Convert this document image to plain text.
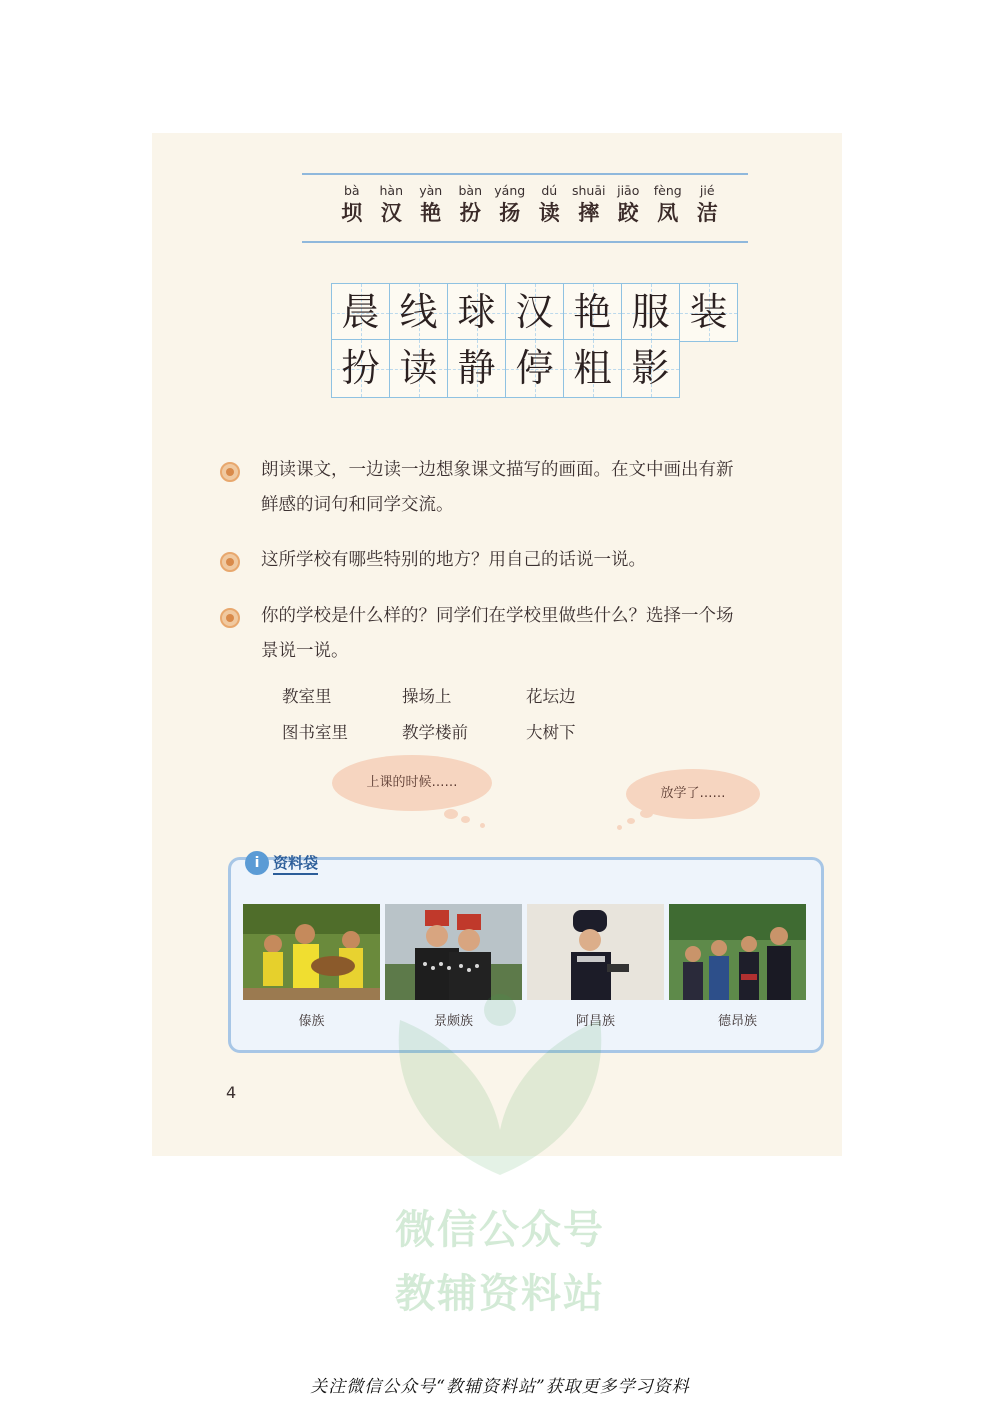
bà
坝
hàn
汉
yàn
艳
bàn
扮
yáng
扬
dú
读
shuāi
摔
jiāo
跤
fèng
凤
jié
洁
晨 线 球 汉 艳 服 装
扮 读 静 停 粗 影
朗读课文，一边读一边想象课文描写的画面。在文中画出有新
鲜感的词句和同学交流。
这所学校有哪些特别的地方？用自己的话说一说。
你的学校是什么样的？同学们在学校里做些什么？选择一个场
景说一说。
教室里	操场上	花坛边
图书室里	教学楼前	大树下
上课的时候……
放学了……
i 资料袋
傣族	景颇族	阿昌族	德昂族
4
微信公众号
教辅资料站
关注微信公众号“教辅资料站”获取更多学习资料
